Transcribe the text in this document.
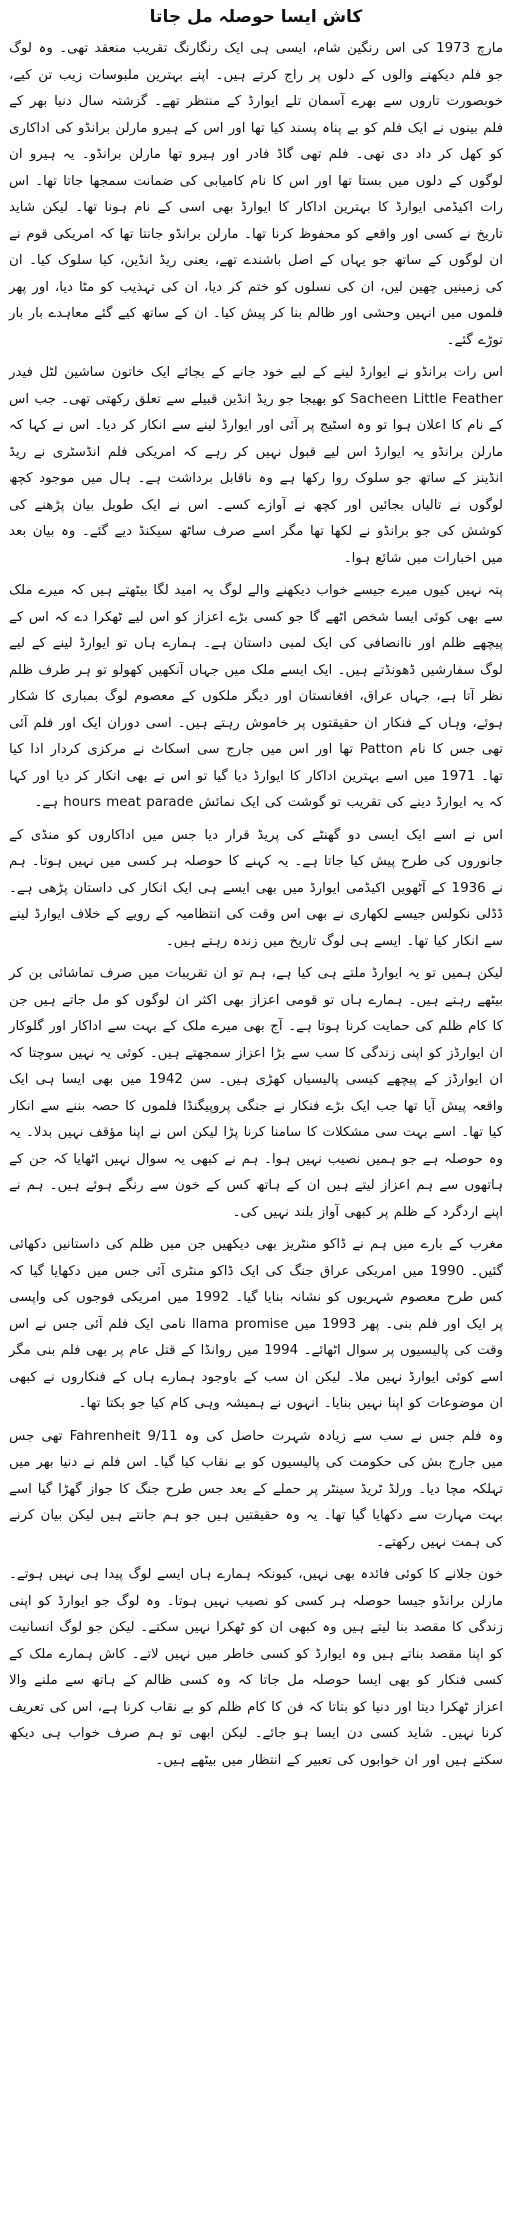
کاش ایسا حوصلہ مل جاتا

مارچ 1973 کی اس رنگین شام، ایسی ہی ایک رنگارنگ تقریب منعقد تھی۔ وہ لوگ جو فلم دیکھنے والوں کے دلوں پر راج کرتے ہیں۔ اپنے بہترین ملبوسات زیب تن کیے، خوبصورت تاروں سے بھرے آسمان تلے ایوارڈ کے منتظر تھے۔ گزشتہ سال دنیا بھر کے فلم بینوں نے ایک فلم کو بے پناہ پسند کیا تھا اور اس کے ہیرو مارلن برانڈو کی اداکاری کو کھل کر داد دی تھی۔ فلم تھی گاڈ فادر اور ہیرو تھا مارلن برانڈو۔ یہ ہیرو ان لوگوں کے دلوں میں بستا تھا اور اس کا نام کامیابی کی ضمانت سمجھا جاتا تھا۔ اس رات اکیڈمی ایوارڈ کا بہترین اداکار کا ایوارڈ بھی اسی کے نام ہونا تھا۔ لیکن شاید تاریخ نے کسی اور واقعے کو محفوظ کرنا تھا۔ مارلن برانڈو جانتا تھا کہ امریکی قوم نے ان لوگوں کے ساتھ جو یہاں کے اصل باشندے تھے، یعنی ریڈ انڈین، کیا سلوک کیا۔ ان کی زمینیں چھین لیں، ان کی نسلوں کو ختم کر دیا، ان کی تہذیب کو مٹا دیا، اور پھر فلموں میں انہیں وحشی اور ظالم بنا کر پیش کیا۔ ان کے ساتھ کیے گئے معاہدے بار بار توڑے گئے۔

اس رات برانڈو نے ایوارڈ لینے کے لیے خود جانے کے بجائے ایک خاتون ساشین لٹل فیدر Sacheen Little Feather کو بھیجا جو ریڈ انڈین قبیلے سے تعلق رکھتی تھی۔ جب اس کے نام کا اعلان ہوا تو وہ اسٹیج پر آئی اور ایوارڈ لینے سے انکار کر دیا۔ اس نے کہا کہ مارلن برانڈو یہ ایوارڈ اس لیے قبول نہیں کر رہے کہ امریکی فلم انڈسٹری نے ریڈ انڈینز کے ساتھ جو سلوک روا رکھا ہے وہ ناقابل برداشت ہے۔ ہال میں موجود کچھ لوگوں نے تالیاں بجائیں اور کچھ نے آوازے کسے۔ اس نے ایک طویل بیان پڑھنے کی کوشش کی جو برانڈو نے لکھا تھا مگر اسے صرف ساٹھ سیکنڈ دیے گئے۔ وہ بیان بعد میں اخبارات میں شائع ہوا۔

پتہ نہیں کیوں میرے جیسے خواب دیکھنے والے لوگ یہ امید لگا بیٹھتے ہیں کہ میرے ملک سے بھی کوئی ایسا شخص اٹھے گا جو کسی بڑے اعزاز کو اس لیے ٹھکرا دے کہ اس کے پیچھے ظلم اور ناانصافی کی ایک لمبی داستان ہے۔ ہمارے ہاں تو ایوارڈ لینے کے لیے لوگ سفارشیں ڈھونڈتے ہیں۔ ایک ایسے ملک میں جہاں آنکھیں کھولو تو ہر طرف ظلم نظر آتا ہے، جہاں عراق، افغانستان اور دیگر ملکوں کے معصوم لوگ بمباری کا شکار ہوئے، وہاں کے فنکار ان حقیقتوں پر خاموش رہتے ہیں۔ اسی دوران ایک اور فلم آئی تھی جس کا نام Patton تھا اور اس میں جارج سی اسکاٹ نے مرکزی کردار ادا کیا تھا۔ 1971 میں اسے بہترین اداکار کا ایوارڈ دیا گیا تو اس نے بھی انکار کر دیا اور کہا کہ یہ ایوارڈ دینے کی تقریب تو گوشت کی ایک نمائش hours meat parade ہے۔

اس نے اسے ایک ایسی دو گھنٹے کی پریڈ قرار دیا جس میں اداکاروں کو منڈی کے جانوروں کی طرح پیش کیا جاتا ہے۔ یہ کہنے کا حوصلہ ہر کسی میں نہیں ہوتا۔ ہم نے 1936 کے آٹھویں اکیڈمی ایوارڈ میں بھی ایسے ہی ایک انکار کی داستان پڑھی ہے۔ ڈڈلی نکولس جیسے لکھاری نے بھی اس وقت کی انتظامیہ کے رویے کے خلاف ایوارڈ لینے سے انکار کیا تھا۔ ایسے ہی لوگ تاریخ میں زندہ رہتے ہیں۔

لیکن ہمیں تو یہ ایوارڈ ملتے ہی کیا ہے، ہم تو ان تقریبات میں صرف تماشائی بن کر بیٹھے رہتے ہیں۔ ہمارے ہاں تو قومی اعزاز بھی اکثر ان لوگوں کو مل جاتے ہیں جن کا کام ظلم کی حمایت کرنا ہوتا ہے۔ آج بھی میرے ملک کے بہت سے اداکار اور گلوکار ان ایوارڈز کو اپنی زندگی کا سب سے بڑا اعزاز سمجھتے ہیں۔ کوئی یہ نہیں سوچتا کہ ان ایوارڈز کے پیچھے کیسی پالیسیاں کھڑی ہیں۔ سن 1942 میں بھی ایسا ہی ایک واقعہ پیش آیا تھا جب ایک بڑے فنکار نے جنگی پروپیگنڈا فلموں کا حصہ بننے سے انکار کیا تھا۔ اسے بہت سی مشکلات کا سامنا کرنا پڑا لیکن اس نے اپنا مؤقف نہیں بدلا۔ یہ وہ حوصلہ ہے جو ہمیں نصیب نہیں ہوا۔ ہم نے کبھی یہ سوال نہیں اٹھایا کہ جن کے ہاتھوں سے ہم اعزاز لیتے ہیں ان کے ہاتھ کس کے خون سے رنگے ہوئے ہیں۔ ہم نے اپنے اردگرد کے ظلم پر کبھی آواز بلند نہیں کی۔

مغرب کے بارے میں ہم نے ڈاکو منٹریز بھی دیکھیں جن میں ظلم کی داستانیں دکھائی گئیں۔ 1990 میں امریکی عراق جنگ کی ایک ڈاکو منٹری آئی جس میں دکھایا گیا کہ کس طرح معصوم شہریوں کو نشانہ بنایا گیا۔ 1992 میں امریکی فوجوں کی واپسی پر ایک اور فلم بنی۔ پھر 1993 میں llama promise نامی ایک فلم آئی جس نے اس وقت کی پالیسیوں پر سوال اٹھائے۔ 1994 میں روانڈا کے قتل عام پر بھی فلم بنی مگر اسے کوئی ایوارڈ نہیں ملا۔ لیکن ان سب کے باوجود ہمارے ہاں کے فنکاروں نے کبھی ان موضوعات کو اپنا نہیں بنایا۔ انہوں نے ہمیشہ وہی کام کیا جو بکتا تھا۔

وہ فلم جس نے سب سے زیادہ شہرت حاصل کی وہ Fahrenheit 9/11 تھی جس میں جارج بش کی حکومت کی پالیسیوں کو بے نقاب کیا گیا۔ اس فلم نے دنیا بھر میں تہلکہ مچا دیا۔ ورلڈ ٹریڈ سینٹر پر حملے کے بعد جس طرح جنگ کا جواز گھڑا گیا اسے بہت مہارت سے دکھایا گیا تھا۔ یہ وہ حقیقتیں ہیں جو ہم جانتے ہیں لیکن بیان کرنے کی ہمت نہیں رکھتے۔

خون جلانے کا کوئی فائدہ بھی نہیں، کیونکہ ہمارے ہاں ایسے لوگ پیدا ہی نہیں ہوتے۔ مارلن برانڈو جیسا حوصلہ ہر کسی کو نصیب نہیں ہوتا۔ وہ لوگ جو ایوارڈ کو اپنی زندگی کا مقصد بنا لیتے ہیں وہ کبھی ان کو ٹھکرا نہیں سکتے۔ لیکن جو لوگ انسانیت کو اپنا مقصد بناتے ہیں وہ ایوارڈ کو کسی خاطر میں نہیں لاتے۔ کاش ہمارے ملک کے کسی فنکار کو بھی ایسا حوصلہ مل جاتا کہ وہ کسی ظالم کے ہاتھ سے ملنے والا اعزاز ٹھکرا دیتا اور دنیا کو بتاتا کہ فن کا کام ظلم کو بے نقاب کرنا ہے، اس کی تعریف کرنا نہیں۔ شاید کسی دن ایسا ہو جائے۔ لیکن ابھی تو ہم صرف خواب ہی دیکھ سکتے ہیں اور ان خوابوں کی تعبیر کے انتظار میں بیٹھے ہیں۔
